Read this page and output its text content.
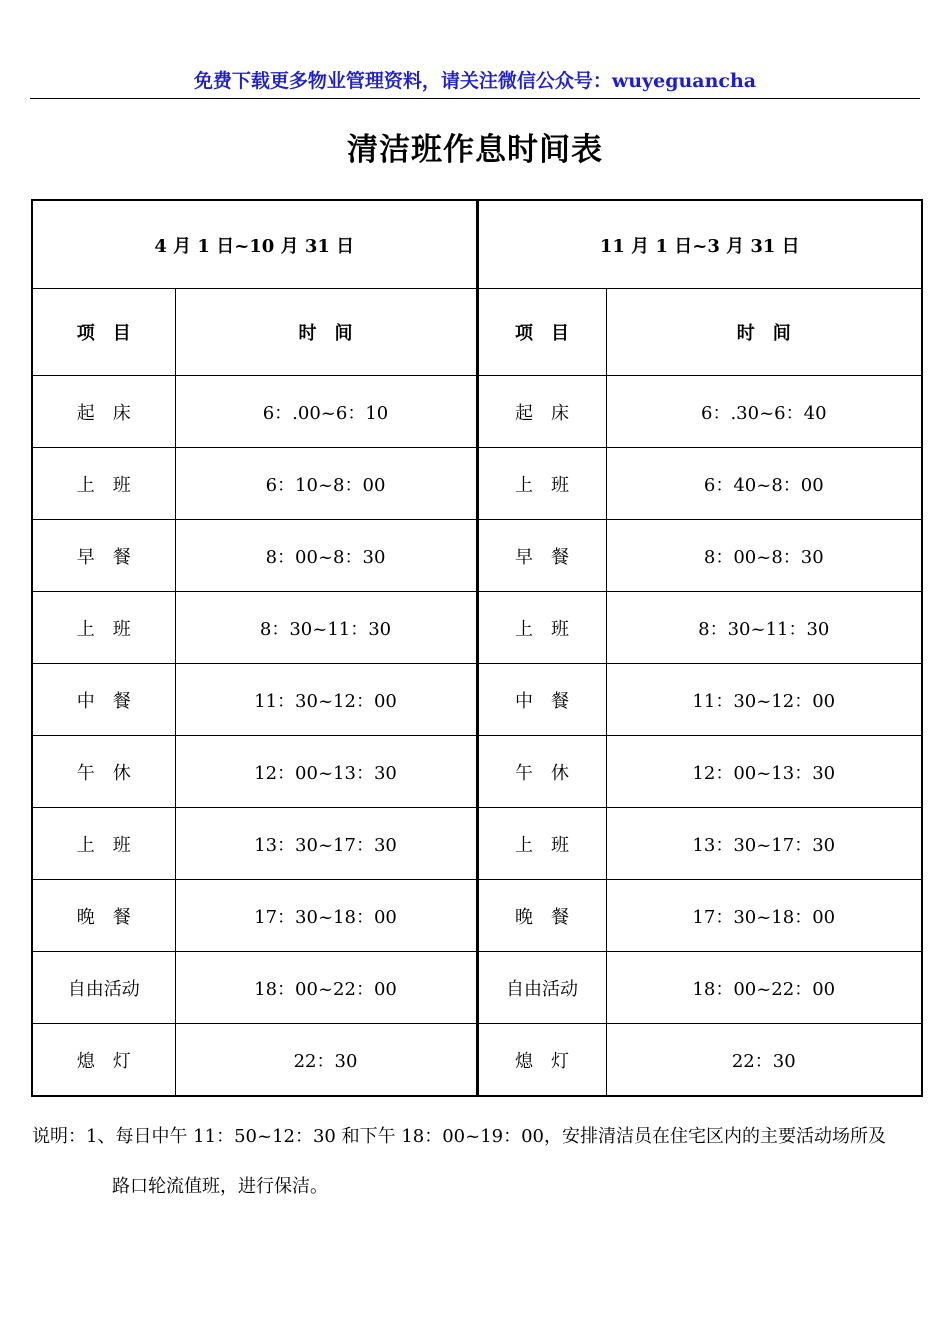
免费下载更多物业管理资料，请关注微信公众号：wuyeguancha
清洁班作息时间表
4 月 1 日~10 月 31 日		11 月 1 日~3 月 31 日	
项　目	时　间	项　目	时　间
起　床	6：.00~6：10	起　床	6：.30~6：40
上　班	6：10~8：00	上　班	6：40~8：00
早　餐	8：00~8：30	早　餐	8：00~8：30
上　班	8：30~11：30	上　班	8：30~11：30
中　餐	11：30~12：00	中　餐	11：30~12：00
午　休	12：00~13：30	午　休	12：00~13：30
上　班	13：30~17：30	上　班	13：30~17：30
晚　餐	17：30~18：00	晚　餐	17：30~18：00
自由活动	18：00~22：00	自由活动	18：00~22：00
熄　灯	22：30	熄　灯	22：30
说明：1、每日中午 11：50~12：30 和下午 18：00~19：00，安排清洁员在住宅区内的主要活动场所及
路口轮流值班，进行保洁。
